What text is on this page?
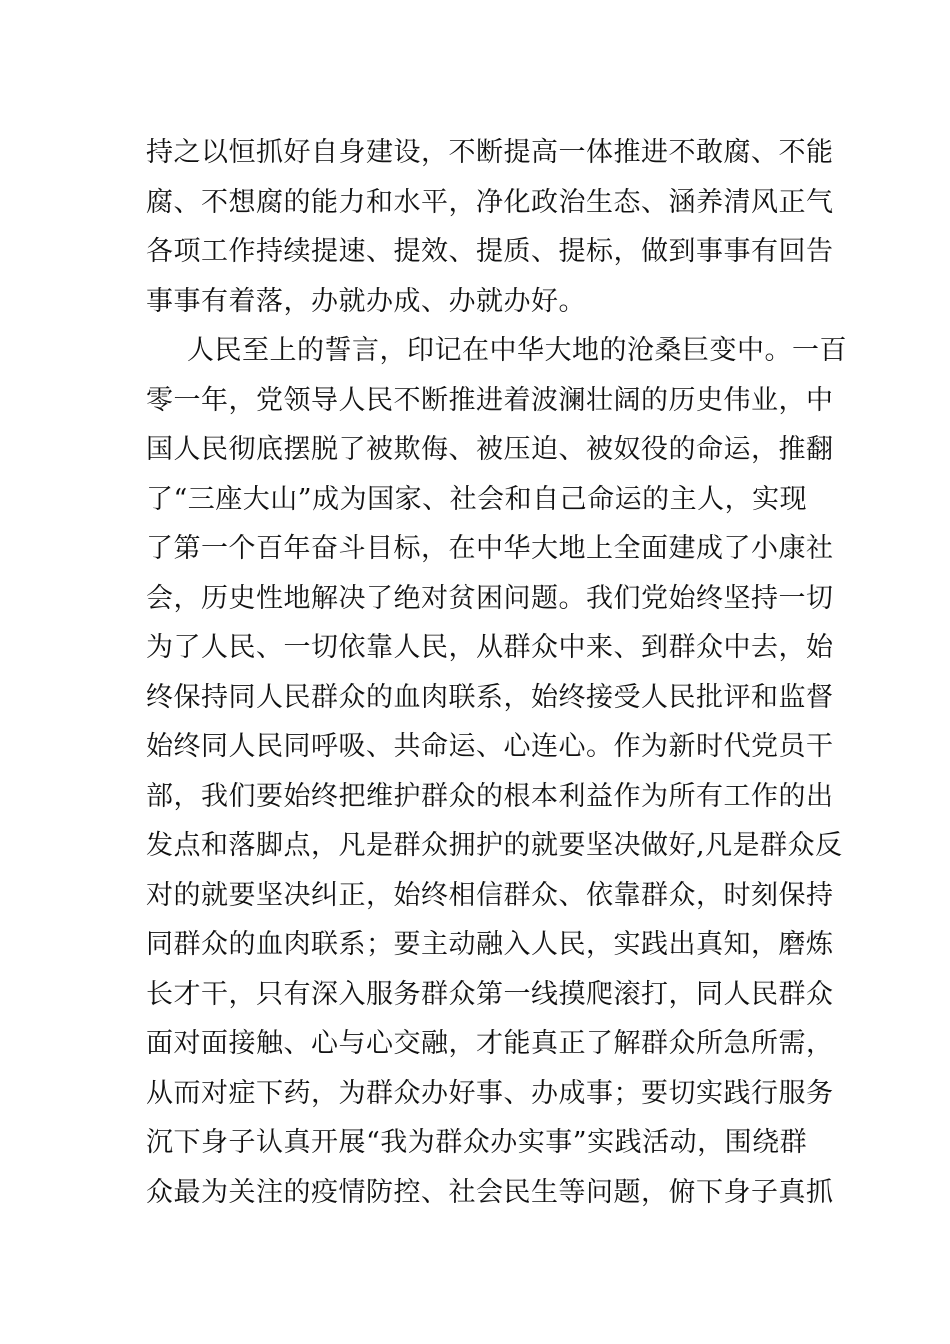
持之以恒抓好自身建设，不断提高一体推进不敢腐、不能
腐、不想腐的能力和水平，净化政治生态、涵养清风正气
各项工作持续提速、提效、提质、提标，做到事事有回告
事事有着落，办就办成、办就办好。
人民至上的誓言，印记在中华大地的沧桑巨变中。一百
零一年，党领导人民不断推进着波澜壮阔的历史伟业，中
国人民彻底摆脱了被欺侮、被压迫、被奴役的命运，推翻
了“三座大山”成为国家、社会和自己命运的主人，实现
了第一个百年奋斗目标，在中华大地上全面建成了小康社
会，历史性地解决了绝对贫困问题。我们党始终坚持一切
为了人民、一切依靠人民，从群众中来、到群众中去，始
终保持同人民群众的血肉联系，始终接受人民批评和监督
始终同人民同呼吸、共命运、心连心。作为新时代党员干
部，我们要始终把维护群众的根本利益作为所有工作的出
发点和落脚点，凡是群众拥护的就要坚决做好,凡是群众反
对的就要坚决纠正，始终相信群众、依靠群众，时刻保持
同群众的血肉联系；要主动融入人民，实践出真知，磨炼
长才干，只有深入服务群众第一线摸爬滚打，同人民群众
面对面接触、心与心交融，才能真正了解群众所急所需，
从而对症下药，为群众办好事、办成事；要切实践行服务
沉下身子认真开展“我为群众办实事”实践活动，围绕群
众最为关注的疫情防控、社会民生等问题，俯下身子真抓
